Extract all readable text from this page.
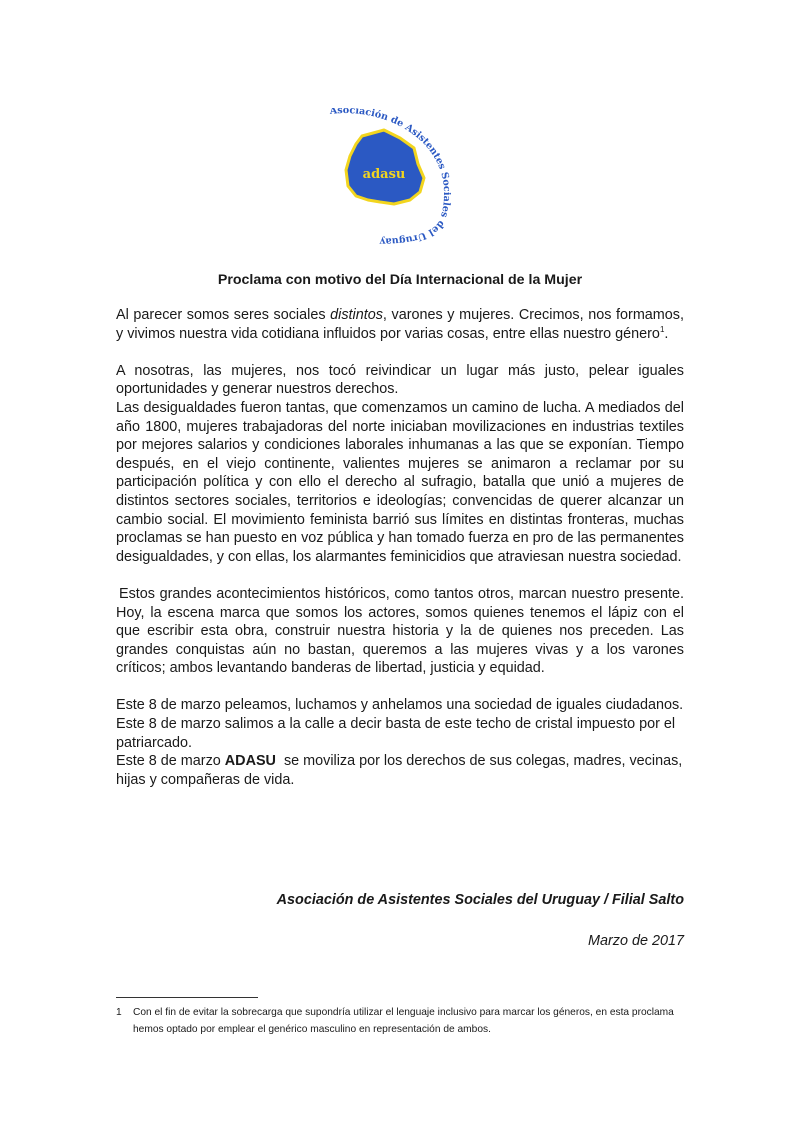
adasu
Asociación de Asistentes Sociales del Uruguay
Proclama con motivo del Día Internacional de la Mujer

Al parecer somos seres sociales distintos, varones y mujeres. Crecimos, nos formamos, y vivimos nuestra vida cotidiana influidos por varias cosas, entre ellas nuestro género$^1$.

A nosotras, las mujeres, nos tocó reivindicar un lugar más justo, pelear iguales oportunidades y generar nuestros derechos.

Las desigualdades fueron tantas, que comenzamos un camino de lucha. A mediados del año 1800, mujeres trabajadoras del norte iniciaban movilizaciones en industrias textiles por mejores salarios y condiciones laborales inhumanas a las que se exponían. Tiempo después, en el viejo continente, valientes mujeres se animaron a reclamar por su participación política y con ello el derecho al sufragio, batalla que unió a mujeres de distintos sectores sociales, territorios e ideologías; convencidas de querer alcanzar un cambio social. El movimiento feminista barrió sus límites en distintas fronteras, muchas proclamas se han puesto en voz pública y han tomado fuerza en pro de las permanentes desigualdades, y con ellas, los alarmantes feminicidios que atraviesan nuestra sociedad.

Estos grandes acontecimientos históricos, como tantos otros, marcan nuestro presente. Hoy, la escena marca que somos los actores, somos quienes tenemos el lápiz con el que escribir esta obra, construir nuestra historia y la de quienes nos preceden. Las grandes conquistas aún no bastan, queremos a las mujeres vivas y a los varones críticos; ambos levantando banderas de libertad, justicia y equidad.

Este 8 de marzo peleamos, luchamos y anhelamos una sociedad de iguales ciudadanos.

Este 8 de marzo salimos a la calle a decir basta de este techo de cristal impuesto por el patriarcado.

Este 8 de marzo ADASU  se moviliza por los derechos de sus colegas, madres, vecinas, hijas y compañeras de vida.

Asociación de Asistentes Sociales del Uruguay / Filial Salto

Marzo de 2017

1 Con el fin de evitar la sobrecarga que supondría utilizar el lenguaje inclusivo para marcar los géneros, en esta proclama hemos optado por emplear el genérico masculino en representación de ambos.
